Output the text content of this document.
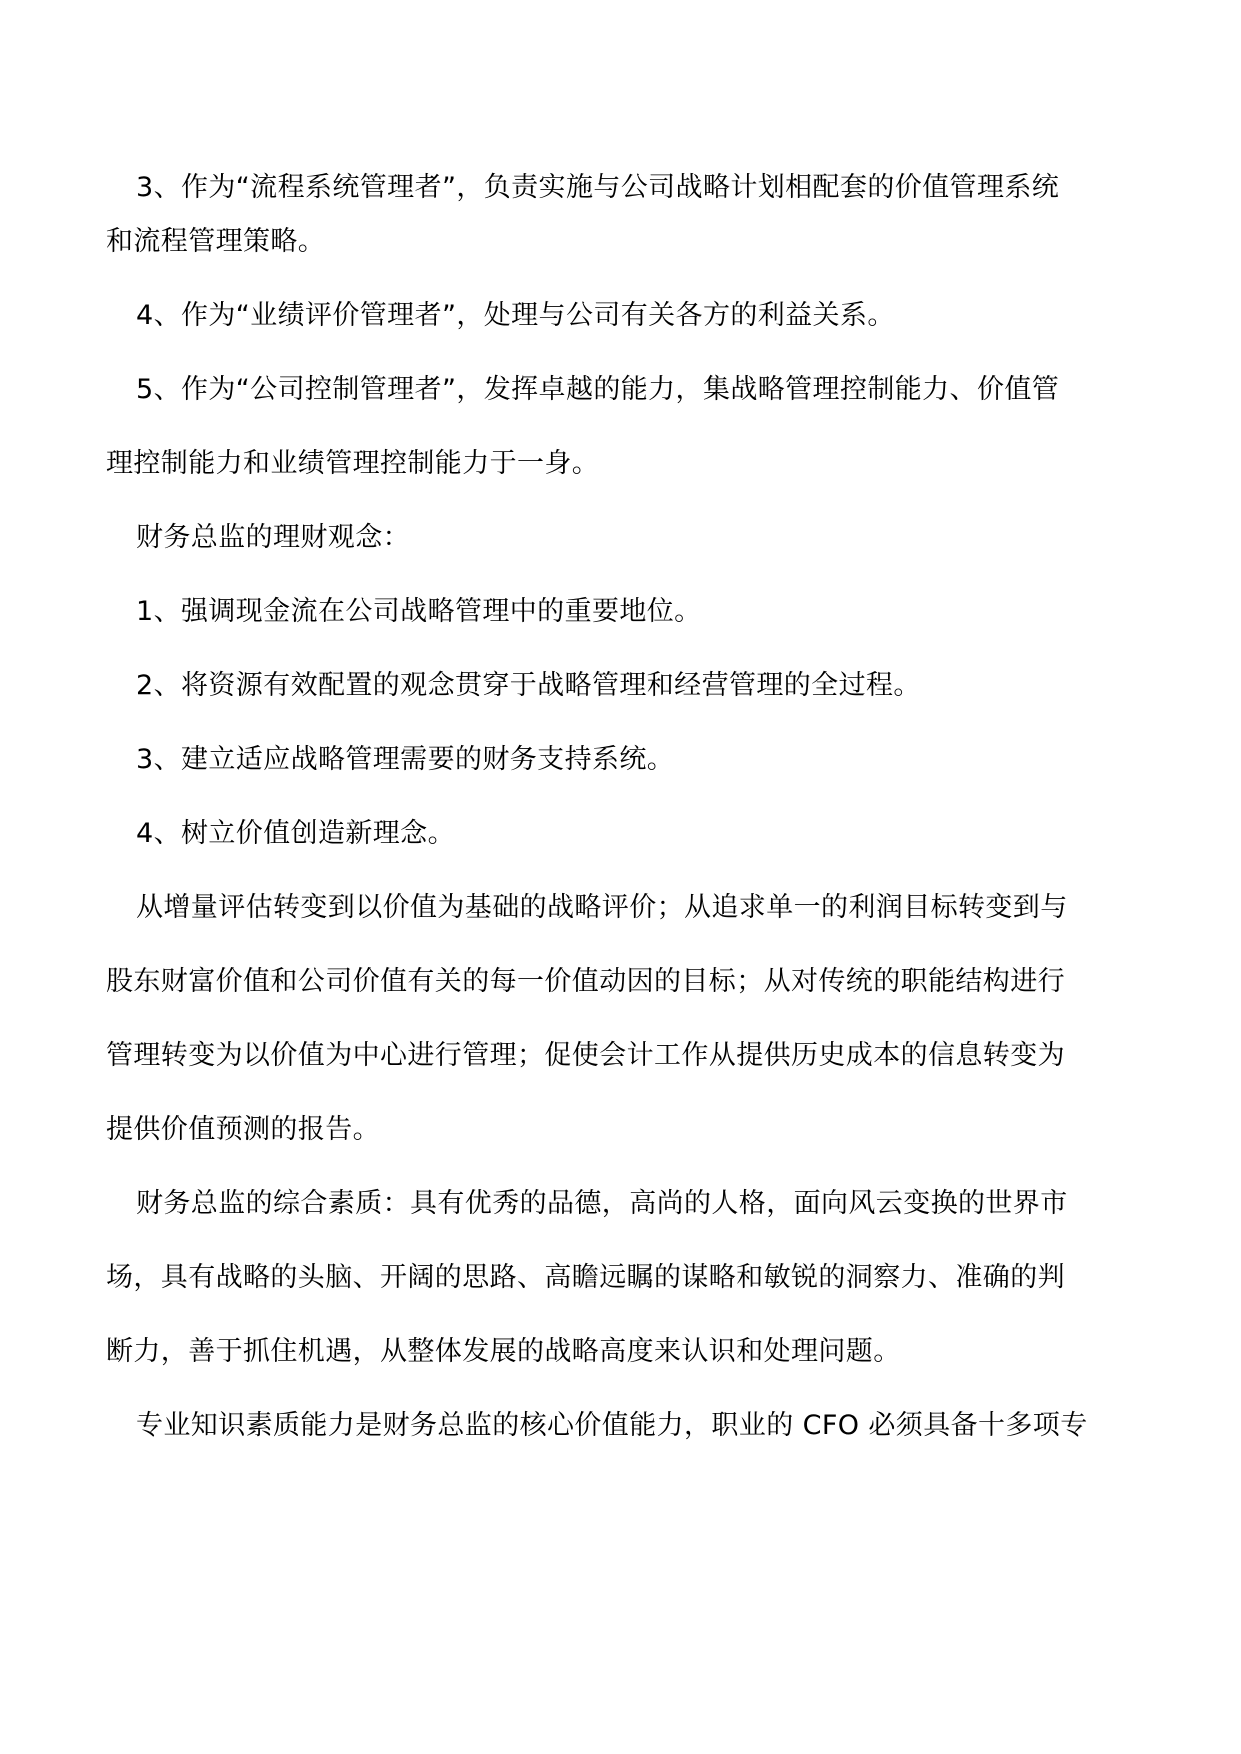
3、作为“流程系统管理者”，负责实施与公司战略计划相配套的价值管理系统
和流程管理策略。
4、作为“业绩评价管理者”，处理与公司有关各方的利益关系。
5、作为“公司控制管理者”，发挥卓越的能力，集战略管理控制能力、价值管
理控制能力和业绩管理控制能力于一身。
财务总监的理财观念：
1、强调现金流在公司战略管理中的重要地位。
2、将资源有效配置的观念贯穿于战略管理和经营管理的全过程。
3、建立适应战略管理需要的财务支持系统。
4、树立价值创造新理念。
从增量评估转变到以价值为基础的战略评价；从追求单一的利润目标转变到与
股东财富价值和公司价值有关的每一价值动因的目标；从对传统的职能结构进行
管理转变为以价值为中心进行管理；促使会计工作从提供历史成本的信息转变为
提供价值预测的报告。
财务总监的综合素质：具有优秀的品德，高尚的人格，面向风云变换的世界市
场，具有战略的头脑、开阔的思路、高瞻远瞩的谋略和敏锐的洞察力、准确的判
断力，善于抓住机遇，从整体发展的战略高度来认识和处理问题。
专业知识素质能力是财务总监的核心价值能力，职业的 CFO 必须具备十多项专
